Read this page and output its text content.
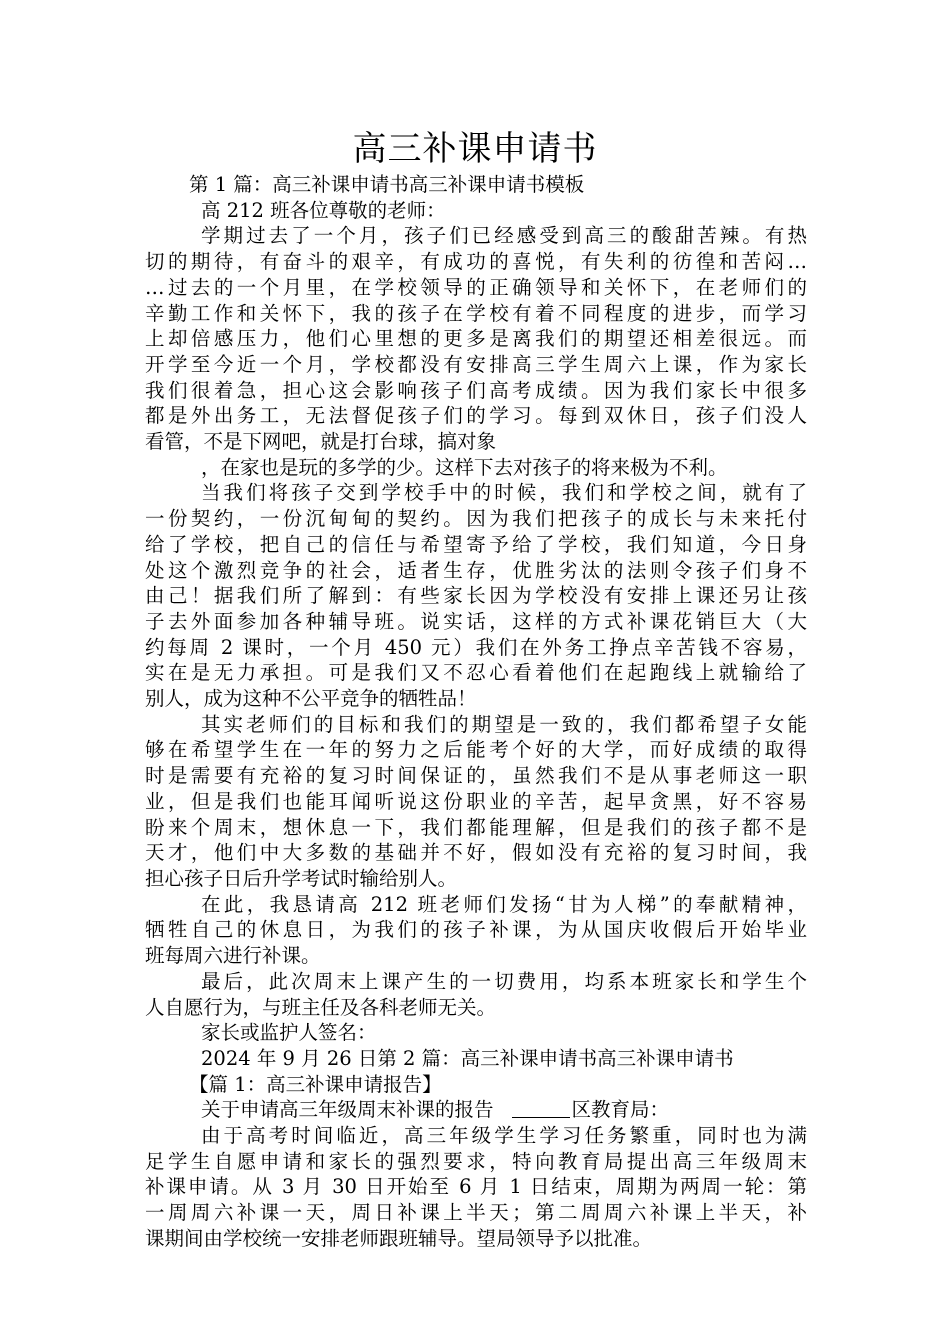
高三补课申请书
第 1 篇：高三补课申请书高三补课申请书模板
高 212 班各位尊敬的老师：
学期过去了一个月，孩子们已经感受到高三的酸甜苦辣。有热
切的期待，有奋斗的艰辛，有成功的喜悦，有失利的彷徨和苦闷…
…过去的一个月里，在学校领导的正确领导和关怀下，在老师们的
辛勤工作和关怀下，我的孩子在学校有着不同程度的进步，而学习
上却倍感压力，他们心里想的更多是离我们的期望还相差很远。而
开学至今近一个月，学校都没有安排高三学生周六上课，作为家长
我们很着急，担心这会影响孩子们高考成绩。因为我们家长中很多
都是外出务工，无法督促孩子们的学习。每到双休日，孩子们没人
看管，不是下网吧，就是打台球，搞对象
，在家也是玩的多学的少。这样下去对孩子的将来极为不利。
当我们将孩子交到学校手中的时候，我们和学校之间，就有了
一份契约，一份沉甸甸的契约。因为我们把孩子的成长与未来托付
给了学校，把自己的信任与希望寄予给了学校，我们知道，今日身
处这个激烈竞争的社会，适者生存，优胜劣汰的法则令孩子们身不
由己！据我们所了解到：有些家长因为学校没有安排上课还另让孩
子去外面参加各种辅导班。说实话，这样的方式补课花销巨大（大
约每周 2 课时，一个月 450 元）我们在外务工挣点辛苦钱不容易，
实在是无力承担。可是我们又不忍心看着他们在起跑线上就输给了
别人，成为这种不公平竞争的牺牲品！
其实老师们的目标和我们的期望是一致的，我们都希望子女能
够在希望学生在一年的努力之后能考个好的大学，而好成绩的取得
时是需要有充裕的复习时间保证的，虽然我们不是从事老师这一职
业，但是我们也能耳闻听说这份职业的辛苦，起早贪黑，好不容易
盼来个周末，想休息一下，我们都能理解，但是我们的孩子都不是
天才，他们中大多数的基础并不好，假如没有充裕的复习时间，我
担心孩子日后升学考试时输给别人。
在此，我恳请高 212 班老师们发扬“甘为人梯”的奉献精神，
牺牲自己的休息日，为我们的孩子补课，为从国庆收假后开始毕业
班每周六进行补课。
最后，此次周末上课产生的一切费用，均系本班家长和学生个
人自愿行为，与班主任及各科老师无关。
家长或监护人签名：
2024 年 9 月 26 日第 2 篇：高三补课申请书高三补课申请书
【篇 1：高三补课申请报告】
关于申请高三年级周末补课的报告	区教育局：
由于高考时间临近，高三年级学生学习任务繁重，同时也为满
足学生自愿申请和家长的强烈要求，特向教育局提出高三年级周末
补课申请。从 3 月 30 日开始至 6 月 1 日结束，周期为两周一轮：第
一周周六补课一天，周日补课上半天；第二周周六补课上半天，补
课期间由学校统一安排老师跟班辅导。望局领导予以批准。
